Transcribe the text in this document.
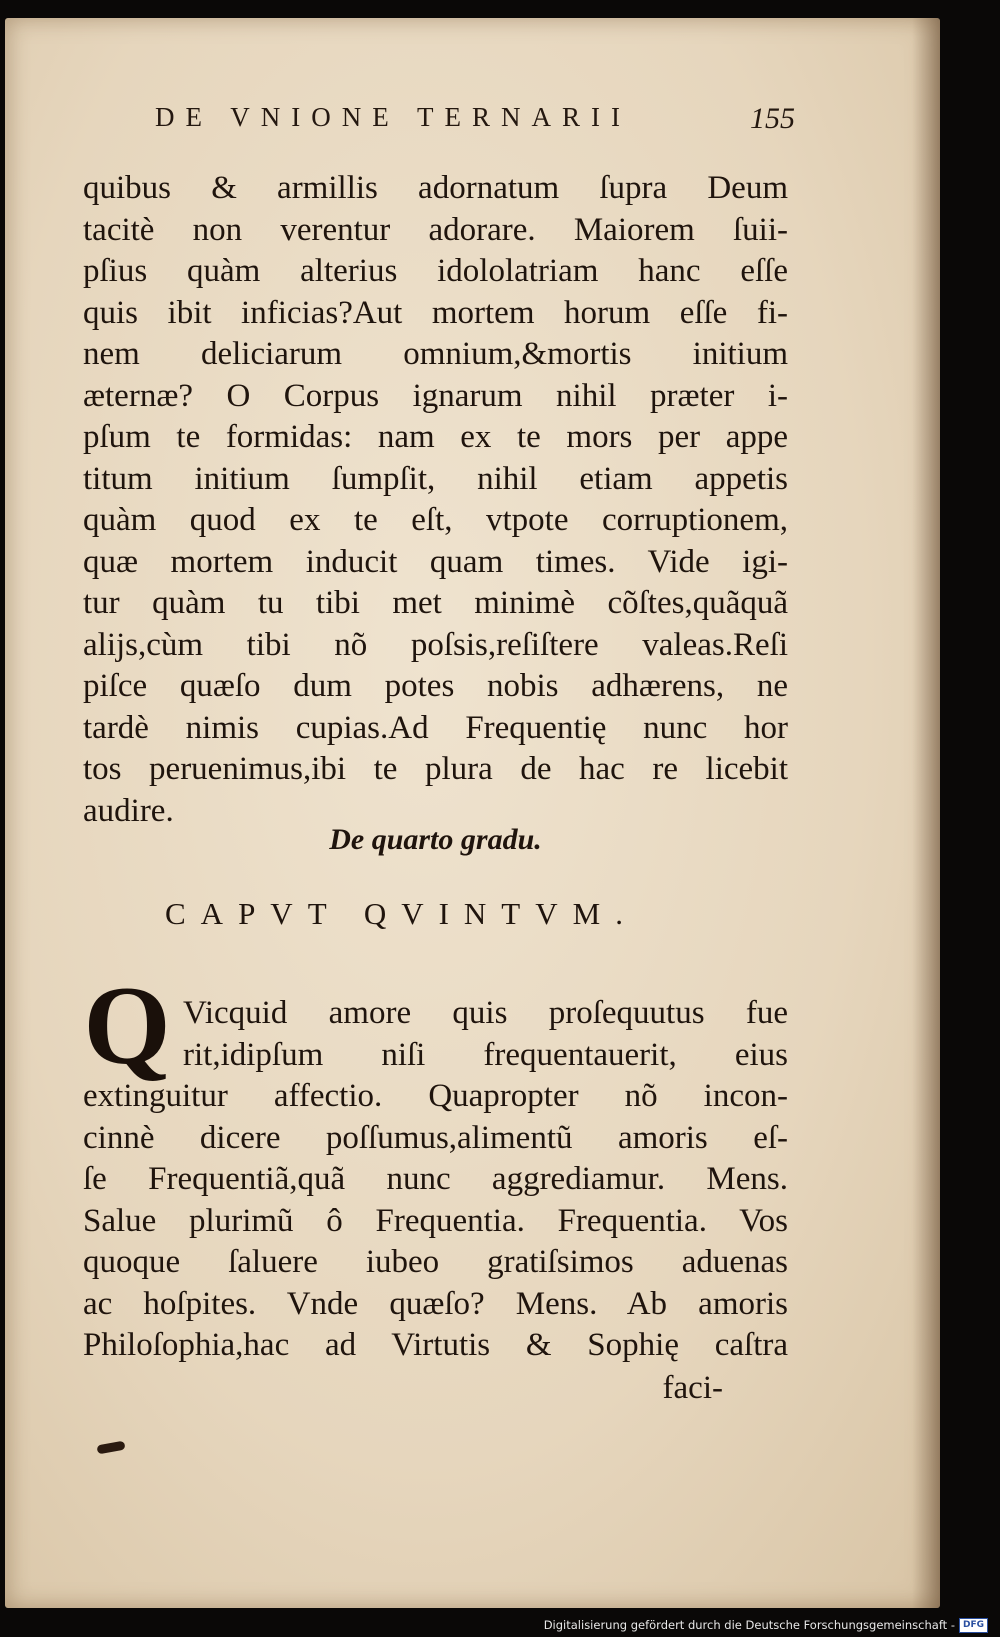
DE VNIONE TERNARII	155
quibus & armillis adornatum ſupra Deum
tacitè non verentur adorare. Maiorem ſuii-
pſius quàm alterius idololatriam hanc eſſe
quis ibit inficias?Aut mortem horum eſſe fi-
nem deliciarum omnium,&mortis initium
æternæ? O Corpus ignarum nihil præter i-
pſum te formidas: nam ex te mors per appe
titum initium ſumpſit, nihil etiam appetis
quàm quod ex te eſt, vtpote corruptionem,
quæ mortem inducit quam times. Vide igi-
tur quàm tu tibi met minimè cõſtes,quãquã
alijs,cùm tibi nõ poſsis,reſiſtere valeas.Reſi
piſce quæſo dum potes nobis adhærens, ne
tardè nimis cupias.Ad Frequentię nunc hor
tos peruenimus,ibi te plura de hac re licebit
audire.
De quarto gradu.
CAPVT QVINTVM.
Q Vicquid amore quis proſequutus fue
rit,idipſum niſi frequentauerit, eius
extinguitur affectio. Quapropter nõ incon-
cinnè dicere poſſumus,alimentũ amoris eſ-
ſe Frequentiã,quã nunc aggrediamur. Mens.
Salue plurimũ ô Frequentia. Frequentia. Vos
quoque ſaluere iubeo gratiſsimos aduenas
ac hoſpites. Vnde quæſo? Mens. Ab amoris
Philoſophia,hac ad Virtutis & Sophię caſtra
faci-
Digitalisierung gefördert durch die Deutsche Forschungsgemeinschaft - DFG
